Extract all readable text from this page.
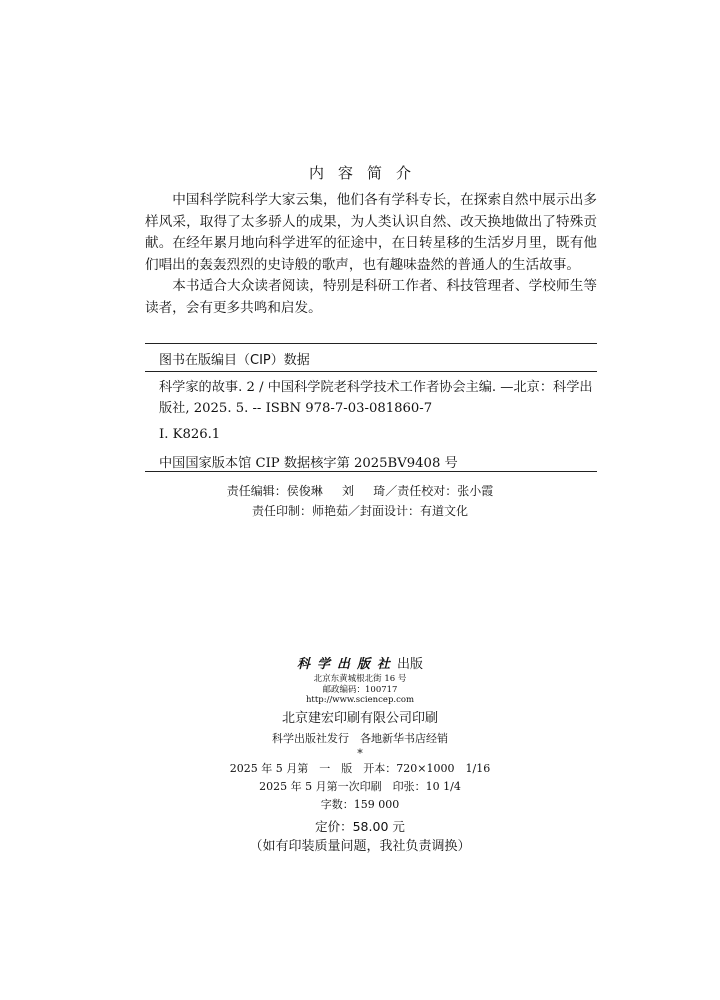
内容简介

中国科学院科学大家云集，他们各有学科专长，在探索自然中展示出多样风采，取得了太多骄人的成果，为人类认识自然、改天换地做出了特殊贡献。在经年累月地向科学进军的征途中，在日转星移的生活岁月里，既有他们唱出的轰轰烈烈的史诗般的歌声，也有趣味盎然的普通人的生活故事。

本书适合大众读者阅读，特别是科研工作者、科技管理者、学校师生等读者，会有更多共鸣和启发。

图书在版编目（CIP）数据
科学家的故事. 2 / 中国科学院老科学技术工作者协会主编. —北京：科学出版社, 2025. 5. -- ISBN 978-7-03-081860-7
Ⅰ. K826.1
中国国家版本馆 CIP 数据核字第 2025BV9408 号
责任编辑：侯俊琳　 刘　 琦／责任校对：张小霞
责任印制：师艳茹／封面设计：有道文化
科学出版社出版
北京东黄城根北街 16 号
邮政编码：100717
http://www.sciencep.com
北京建宏印刷有限公司印刷
科学出版社发行　各地新华书店经销
*
2025 年 5 月第　一　版　开本：720×1000　1/16
2025 年 5 月第一次印刷　印张：10 1/4
字数：159 000
定价：58.00 元
（如有印装质量问题，我社负责调换）
